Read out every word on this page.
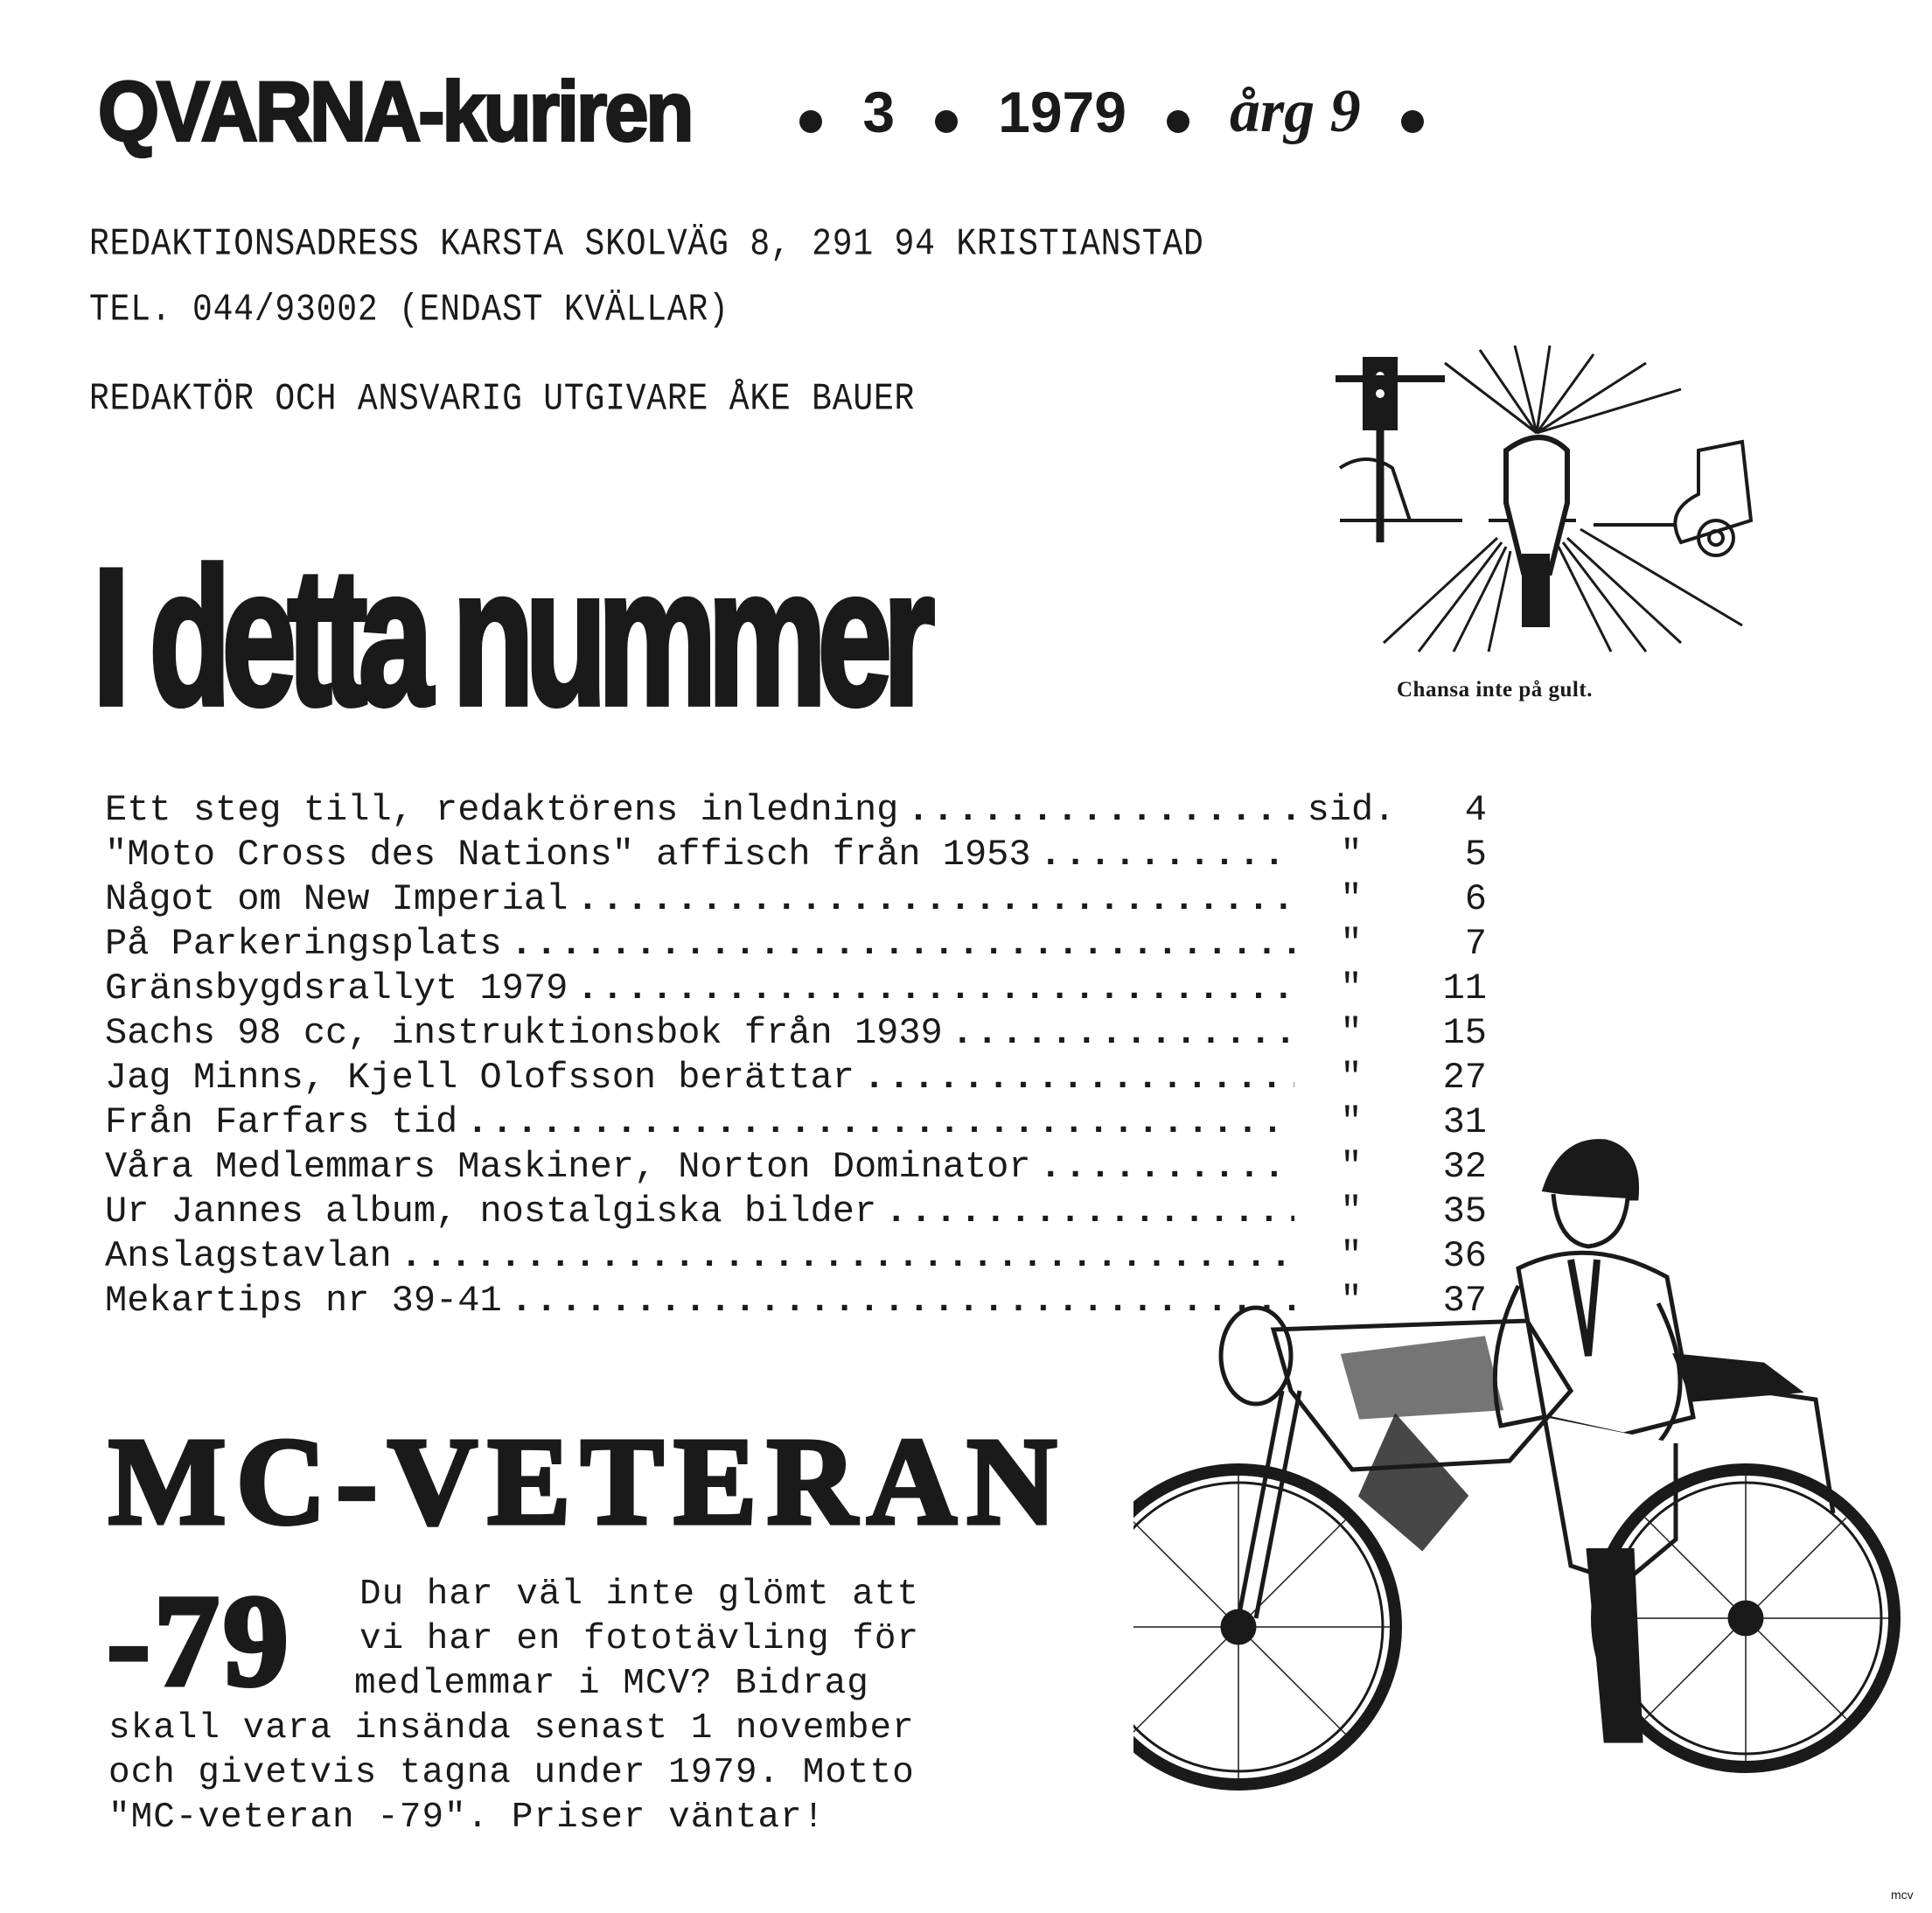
QVARNA-kuriren	3 1979 årg 9
REDAKTIONSADRESS KARSTA SKOLVÄG 8, 291 94 KRISTIANSTAD
TEL. 044/93002 (ENDAST KVÄLLAR)
REDAKTÖR OCH ANSVARIG UTGIVARE ÅKE BAUER
I detta nummer	Chansa inte på gult.
Ett steg till, redaktörens inledning . . .	sid.	4
"Moto Cross des Nations" affisch från 1953 . . .	"	5
Något om New Imperial . . .	"	6
På Parkeringsplats . . .	"	7
Gränsbygdsrallyt 1979 . . .	"	11
Sachs 98 cc, instruktionsbok från 1939 . . .	"	15
Jag Minns, Kjell Olofsson berättar . . .	"	27
Från Farfars tid . . .	"	31
Våra Medlemmars Maskiner, Norton Dominator . . .	"	32
Ur Jannes album, nostalgiska bilder . . .	"	35
Anslagstavlan . . .	"	36
Mekartips nr 39-41 . . .	"	37
MC-VETERAN
-79 Du har väl inte glömt att
vi har en fototävling för
medlemmar i MCV? Bidrag
skall vara insända senast 1 november
och givetvis tagna under 1979. Motto
"MC-veteran -79". Priser väntar!
mcv
